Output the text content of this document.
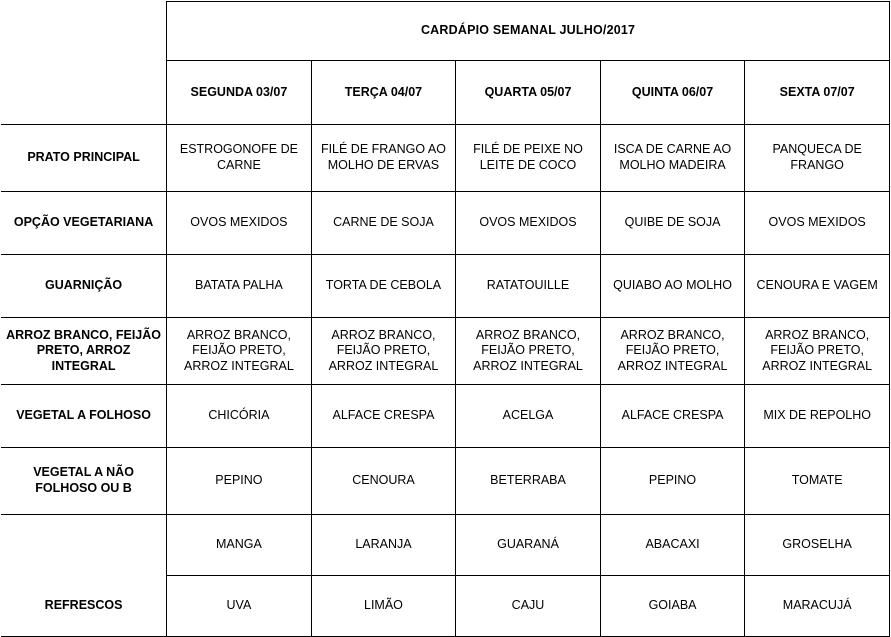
	CARDÁPIO SEMANAL JULHO/2017				
	SEGUNDA 03/07	TERÇA 04/07	QUARTA 05/07	QUINTA 06/07	SEXTA 07/07
PRATO PRINCIPAL	ESTROGONOFE DE CARNE	FILÉ DE FRANGO AO MOLHO DE ERVAS	FILÉ DE PEIXE NO LEITE DE COCO	ISCA DE CARNE AO MOLHO MADEIRA	PANQUECA DE FRANGO
OPÇÃO VEGETARIANA	OVOS MEXIDOS	CARNE DE SOJA	OVOS MEXIDOS	QUIBE DE SOJA	OVOS MEXIDOS
GUARNIÇÃO	BATATA PALHA	TORTA DE CEBOLA	RATATOUILLE	QUIABO AO MOLHO	CENOURA E VAGEM
ARROZ BRANCO, FEIJÃO PRETO, ARROZ INTEGRAL	ARROZ BRANCO, FEIJÃO PRETO, ARROZ INTEGRAL	ARROZ BRANCO, FEIJÃO PRETO, ARROZ INTEGRAL	ARROZ BRANCO, FEIJÃO PRETO, ARROZ INTEGRAL	ARROZ BRANCO, FEIJÃO PRETO, ARROZ INTEGRAL	ARROZ BRANCO, FEIJÃO PRETO, ARROZ INTEGRAL
VEGETAL A FOLHOSO	CHICÓRIA	ALFACE CRESPA	ACELGA	ALFACE CRESPA	MIX DE REPOLHO
VEGETAL A NÃO FOLHOSO OU B	PEPINO	CENOURA	BETERRABA	PEPINO	TOMATE
	MANGA	LARANJA	GUARANÁ	ABACAXI	GROSELHA
REFRESCOS	UVA	LIMÃO	CAJU	GOIABA	MARACUJÁ
